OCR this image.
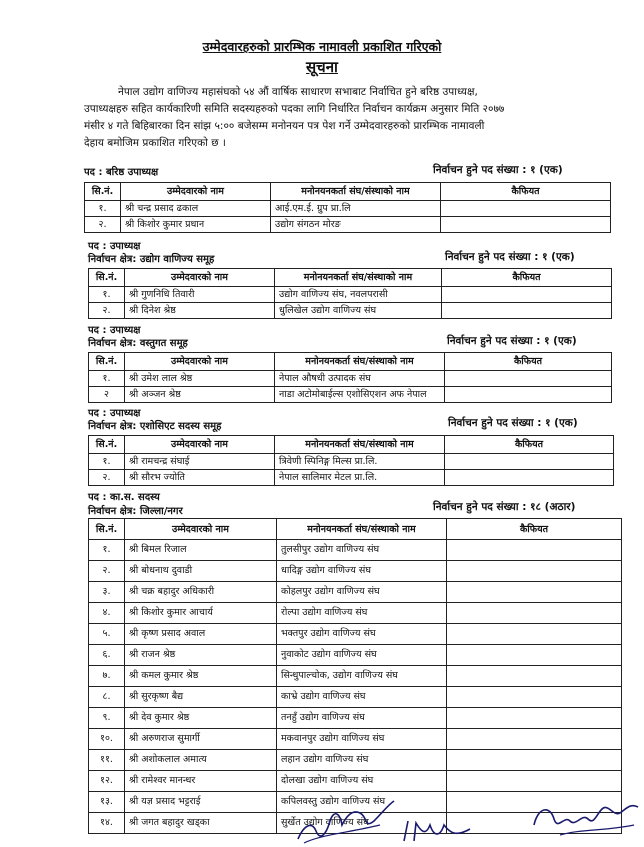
उम्मेदवारहरुको प्रारम्भिक नामावली प्रकाशित गरिएको
सूचना
नेपाल उद्योग वाणिज्य महासंघको ५४ औं वार्षिक साधारण सभाबाट निर्वाचित हुने बरिष्ठ उपाध्यक्ष,
उपाध्यक्षहरु सहित कार्यकारिणी समिति सदस्यहरुको पदका लागि निर्धारित निर्वाचन कार्यक्रम अनुसार मिति २०७७
मंसीर ४ गते बिहिबारका दिन सांझ ५:०० बजेसम्म मनोनयन पत्र पेश गर्ने उम्मेदवारहरुको प्रारम्भिक नामावली
देहाय बमोजिम प्रकाशित गरिएको छ ।
पद : बरिष्ठ उपाध्यक्ष	निर्वाचन हुने पद संख्या : १ (एक)
सि.नं.	उम्मेदवारको नाम	मनोनयनकर्ता संघ/संस्थाको नाम	कैफियत
१.	श्री चन्द्र प्रसाद ढकाल	आई.एम.ई. ग्रुप प्रा.लि	
२.	श्री किशोर कुमार प्रधान	उद्योग संगठन मोरङ	
पद : उपाध्यक्ष
निर्वाचन क्षेत्र: उद्योग वाणिज्य समूह	निर्वाचन हुने पद संख्या : १ (एक)
सि.नं.	उम्मेदवारको नाम	मनोनयनकर्ता संघ/संस्थाको नाम	कैफियत
१.	श्री गुणनिधि तिवारी	उद्योग वाणिज्य संघ, नवलपरासी	
२.	श्री दिनेश श्रेष्ठ	धुलिखेल उद्योग वाणिज्य संघ	
पद : उपाध्यक्ष
निर्वाचन क्षेत्र: वस्तुगत समूह	निर्वाचन हुने पद संख्या : १ (एक)
सि.नं.	उम्मेदवारको नाम	मनोनयनकर्ता संघ/संस्थाको नाम	कैफियत
१.	श्री उमेश लाल श्रेष्ठ	नेपाल औषधी उत्पादक संघ	
२	श्री अञ्जन श्रेष्ठ	नाडा अटोमोबाईल्स एशोसिएशन अफ नेपाल	
पद : उपाध्यक्ष
निर्वाचन क्षेत्र: एशोसिएट सदस्य समूह	निर्वाचन हुने पद संख्या : १ (एक)
सि.नं.	उम्मेदवारको नाम	मनोनयनकर्ता संघ/संस्थाको नाम	कैफियत
१.	श्री रामचन्द्र संघाई	त्रिवेणी स्पिनिङ्ग मिल्स प्रा.लि.	
२.	श्री सौरभ ज्योति	नेपाल सालिमार मेटल प्रा.लि.	
पद : का.स. सदस्य
निर्वाचन क्षेत्र: जिल्ला/नगर	निर्वाचन हुने पद संख्या : १८ (अठार)
सि.नं.	उम्मेदवारको नाम	मनोनयनकर्ता संघ/संस्थाको नाम	कैफियत
१.	श्री बिमल रिजाल	तुलसीपुर उद्योग वाणिज्य संघ	
२.	श्री बोधनाथ दुवाडी	धादिङ्ग उद्योग वाणिज्य संघ	
३.	श्री चक्र बहादुर अधिकारी	कोहलपुर उद्योग वाणिज्य संघ	
४.	श्री किशोर कुमार आचार्य	रोल्पा उद्योग वाणिज्य संघ	
५.	श्री कृष्ण प्रसाद अवाल	भक्तपुर उद्योग वाणिज्य संघ	
६.	श्री राजन श्रेष्ठ	नुवाकोट उद्योग वाणिज्य संघ	
७.	श्री कमल कुमार श्रेष्ठ	सिन्धुपाल्चोक, उद्योग वाणिज्य संघ	
८.	श्री सुरकृष्ण बैद्य	काभ्रे उद्योग वाणिज्य संघ	
९.	श्री देव कुमार श्रेष्ठ	तनहुँ उद्योग वाणिज्य संघ	
१०.	श्री अरुणराज सुमार्गी	मकवानपुर उद्योग वाणिज्य संघ	
११.	श्री अशोकलाल अमात्य	लहान उद्योग वाणिज्य संघ	
१२.	श्री रामेश्वर मानन्धर	दोलखा उद्योग वाणिज्य संघ	
१३.	श्री यज्ञ प्रसाद भट्टराई	कपिलवस्तु उद्योग वाणिज्य संघ	
१४.	श्री जगत बहादुर खड्का	सुर्खेत उद्योग वाणिज्य संघ	
